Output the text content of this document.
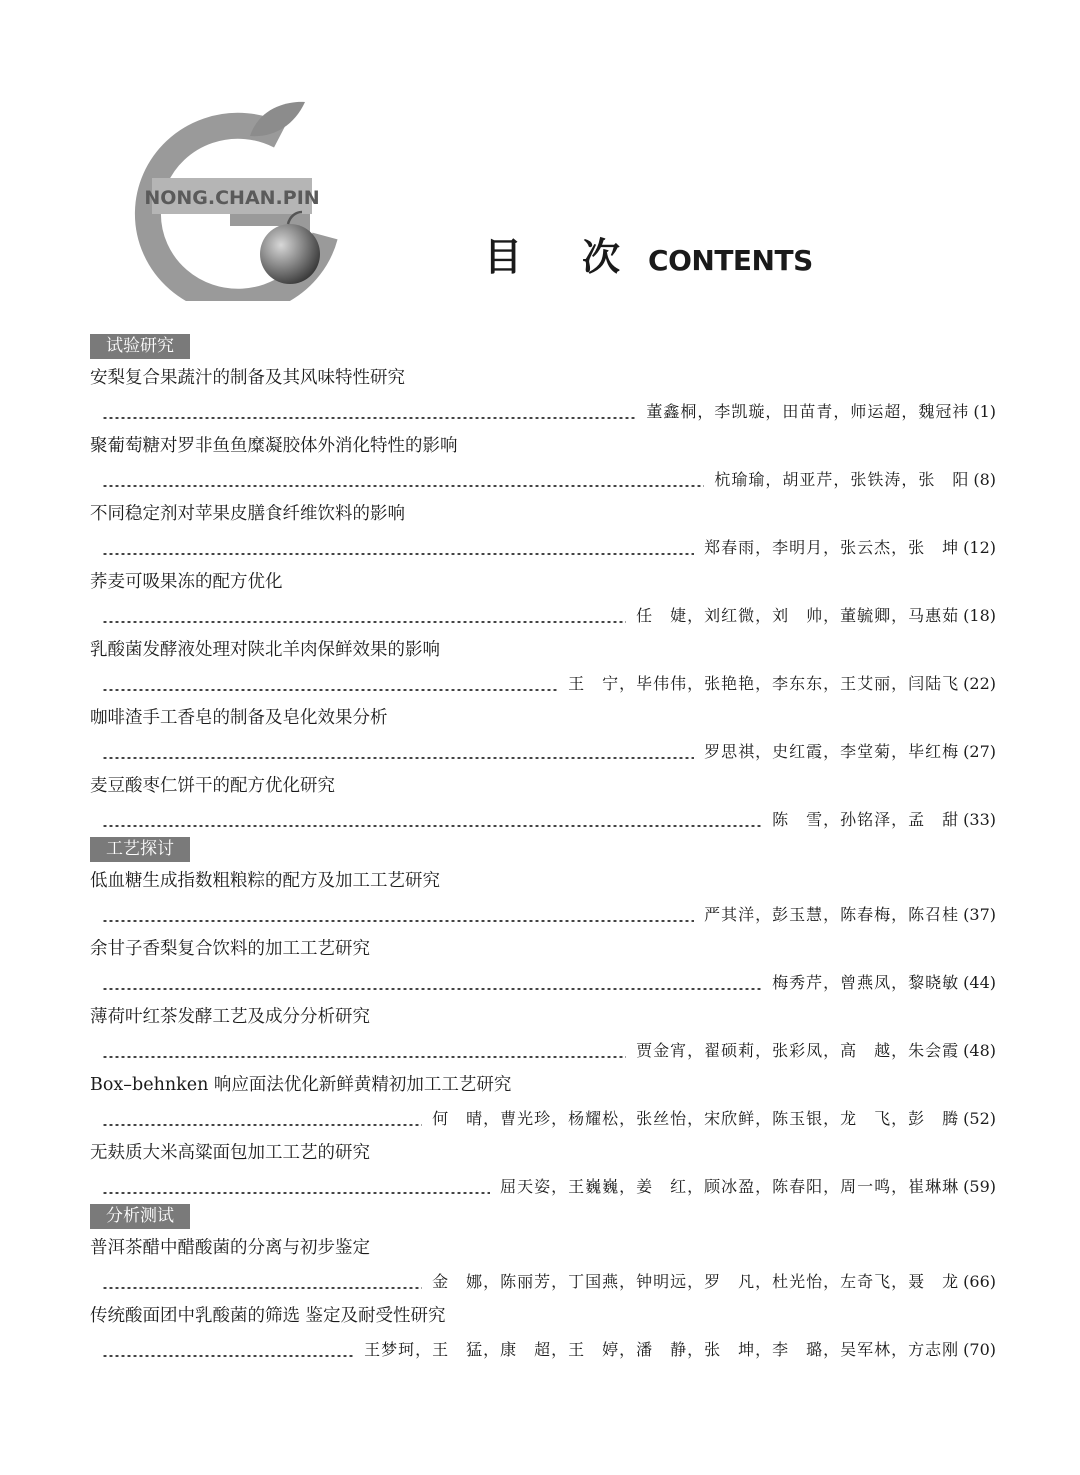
NONG.CHAN.PIN
目 次 CONTENTS
试验研究
安梨复合果蔬汁的制备及其风味特性研究
董鑫桐，李凯璇，田苗青，师运超，魏冠祎 (1)
聚葡萄糖对罗非鱼鱼糜凝胶体外消化特性的影响
杭瑜瑜，胡亚芹，张铁涛，张　阳 (8)
不同稳定剂对苹果皮膳食纤维饮料的影响
郑春雨，李明月，张云杰，张　坤 (12)
荞麦可吸果冻的配方优化
任　婕，刘红微，刘　帅，董毓卿，马惠茹 (18)
乳酸菌发酵液处理对陕北羊肉保鲜效果的影响
王　宁，毕伟伟，张艳艳，李东东，王艾丽，闫陆飞 (22)
咖啡渣手工香皂的制备及皂化效果分析
罗思祺，史红霞，李堂菊，毕红梅 (27)
麦豆酸枣仁饼干的配方优化研究
陈　雪，孙铭泽，孟　甜 (33)
工艺探讨
低血糖生成指数粗粮粽的配方及加工工艺研究
严其洋，彭玉慧，陈春梅，陈召桂 (37)
余甘子香梨复合饮料的加工工艺研究
梅秀芹，曾燕凤，黎晓敏 (44)
薄荷叶红茶发酵工艺及成分分析研究
贾金宵，翟硕莉，张彩凤，高　越，朱会霞 (48)
Box–behnken 响应面法优化新鲜黄精初加工工艺研究
何　晴，曹光珍，杨耀松，张丝怡，宋欣鲜，陈玉银，龙　飞，彭　腾 (52)
无麸质大米高粱面包加工工艺的研究
屈天姿，王巍巍，姜　红，顾冰盈，陈春阳，周一鸣，崔琳琳 (59)
分析测试
普洱茶醋中醋酸菌的分离与初步鉴定
金　娜，陈丽芳，丁国燕，钟明远，罗　凡，杜光怡，左奇飞，聂　龙 (66)
传统酸面团中乳酸菌的筛选 鉴定及耐受性研究
王梦珂，王　猛，康　超，王　婷，潘　静，张　坤，李　璐，吴军林，方志刚 (70)
